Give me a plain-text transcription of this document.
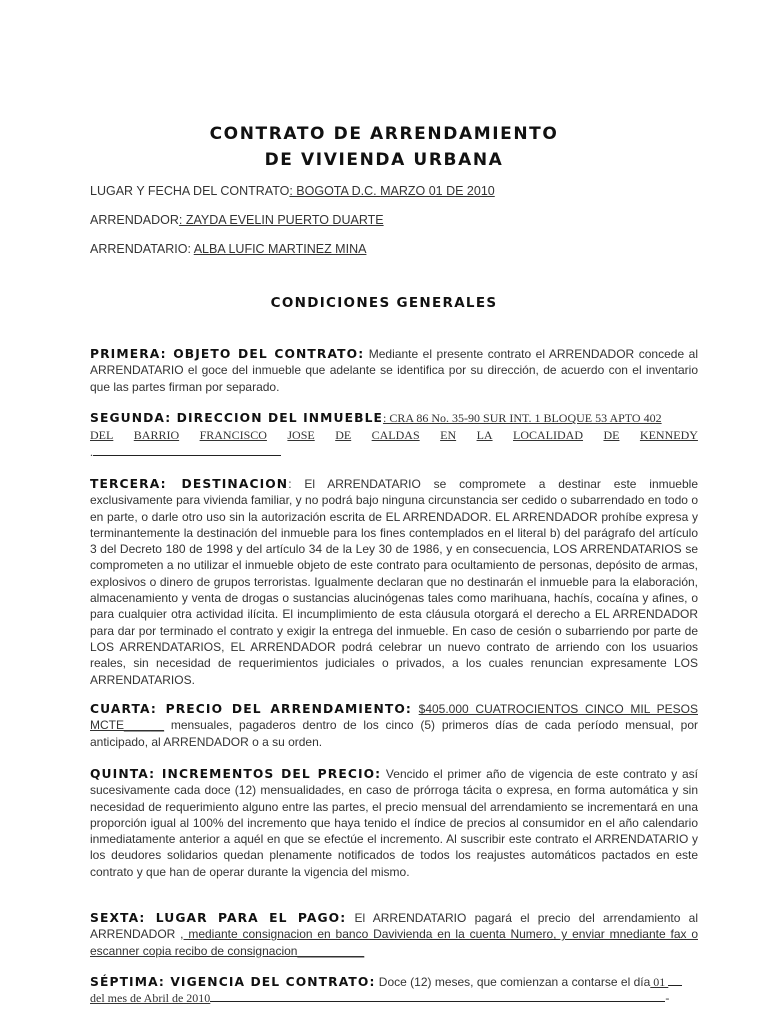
CONTRATO DE ARRENDAMIENTO
DE VIVIENDA URBANA
LUGAR Y FECHA DEL CONTRATO: BOGOTA D.C. MARZO 01 DE 2010
ARRENDADOR: ZAYDA EVELIN PUERTO DUARTE
ARRENDATARIO: ALBA LUFIC MARTINEZ MINA
CONDICIONES GENERALES

PRIMERA: OBJETO DEL CONTRATO: Mediante el presente contrato el ARRENDADOR concede al ARRENDATARIO el goce del inmueble que adelante se identifica por su dirección, de acuerdo con el inventario que las partes firman por separado.

SEGUNDA: DIRECCION DEL INMUEBLE: CRA 86 No. 35-90 SUR INT. 1 BLOQUE 53 APTO 402
DEL BARRIO FRANCISCO JOSE DE CALDAS EN LA LOCALIDAD DE KENNEDY
.

TERCERA: DESTINACION: El ARRENDATARIO se compromete a destinar este inmueble exclusivamente para vivienda familiar, y no podrá bajo ninguna circunstancia ser cedido o subarrendado en todo o en parte, o darle otro uso sin la autorización escrita de EL ARRENDADOR. EL ARRENDADOR prohíbe expresa y terminantemente la destinación del inmueble para los fines contemplados en el literal b) del parágrafo del artículo 3 del Decreto 180 de 1998 y del artículo 34 de la Ley 30 de 1986, y en consecuencia, LOS ARRENDATARIOS se comprometen a no utilizar el inmueble objeto de este contrato para ocultamiento de personas, depósito de armas, explosivos o dinero de grupos terroristas. Igualmente declaran que no destinarán el inmueble para la elaboración, almacenamiento y venta de drogas o sustancias alucinógenas tales como marihuana, hachís, cocaína y afines, o para cualquier otra actividad ilícita. El incumplimiento de esta cláusula otorgará el derecho a EL ARRENDADOR para dar por terminado el contrato y exigir la entrega del inmueble. En caso de cesión o subarriendo por parte de LOS ARRENDATARIOS, EL ARRENDADOR podrá celebrar un nuevo contrato de arriendo con los usuarios reales, sin necesidad de requerimientos judiciales o privados, a los cuales renuncian expresamente LOS ARRENDATARIOS.

CUARTA: PRECIO DEL ARRENDAMIENTO: $405.000 CUATROCIENTOS CINCO MIL PESOS MCTE______ mensuales, pagaderos dentro de los cinco (5) primeros días de cada período mensual, por anticipado, al ARRENDADOR o a su orden.

QUINTA: INCREMENTOS DEL PRECIO: Vencido el primer año de vigencia de este contrato y así sucesivamente cada doce (12) mensualidades, en caso de prórroga tácita o expresa, en forma automática y sin necesidad de requerimiento alguno entre las partes, el precio mensual del arrendamiento se incrementará en una proporción igual al 100% del incremento que haya tenido el índice de precios al consumidor en el año calendario inmediatamente anterior a aquél en que se efectúe el incremento. Al suscribir este contrato el ARRENDATARIO y los deudores solidarios quedan plenamente notificados de todos los reajustes automáticos pactados en este contrato y que han de operar durante la vigencia del mismo.

SEXTA: LUGAR PARA EL PAGO: El ARRENDATARIO pagará el precio del arrendamiento al ARRENDADOR , mediante consignacion en banco Davivienda en la cuenta Numero, y enviar mnediante fax o escanner copia recibo de consignacion__________

SÉPTIMA: VIGENCIA DEL CONTRATO: Doce (12) meses, que comienzan a contarse el día 01
del mes de Abril de 2010	-
